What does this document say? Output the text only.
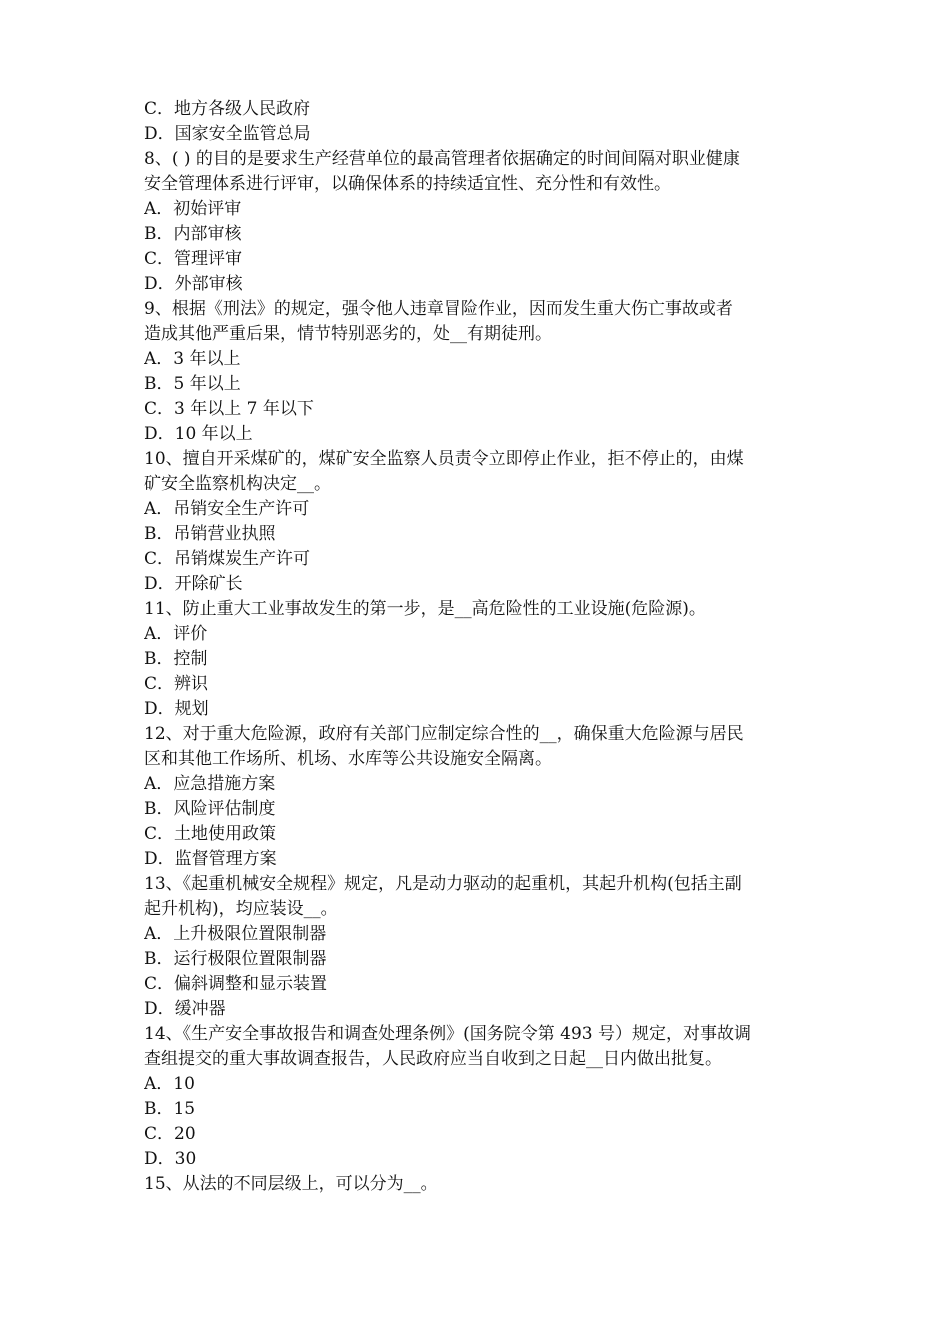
C．地方各级人民政府
D．国家安全监管总局
8、( ) 的目的是要求生产经营单位的最高管理者依据确定的时间间隔对职业健康
安全管理体系进行评审，以确保体系的持续适宜性、充分性和有效性。
A．初始评审
B．内部审核
C．管理评审
D．外部审核
9、根据《刑法》的规定，强令他人违章冒险作业，因而发生重大伤亡事故或者
造成其他严重后果，情节特别恶劣的，处__有期徒刑。
A．3 年以上
B．5 年以上
C．3 年以上 7 年以下
D．10 年以上
10、擅自开采煤矿的，煤矿安全监察人员责令立即停止作业，拒不停止的，由煤
矿安全监察机构决定__。
A．吊销安全生产许可
B．吊销营业执照
C．吊销煤炭生产许可
D．开除矿长
11、防止重大工业事故发生的第一步，是__高危险性的工业设施(危险源)。
A．评价
B．控制
C．辨识
D．规划
12、对于重大危险源，政府有关部门应制定综合性的__，确保重大危险源与居民
区和其他工作场所、机场、水库等公共设施安全隔离。
A．应急措施方案
B．风险评估制度
C．土地使用政策
D．监督管理方案
13、《起重机械安全规程》规定，凡是动力驱动的起重机，其起升机构(包括主副
起升机构)，均应装设__。
A．上升极限位置限制器
B．运行极限位置限制器
C．偏斜调整和显示装置
D．缓冲器
14、《生产安全事故报告和调查处理条例》(国务院令第 493 号）规定，对事故调
查组提交的重大事故调查报告，人民政府应当自收到之日起__日内做出批复。
A．10
B．15
C．20
D．30
15、从法的不同层级上，可以分为__。
